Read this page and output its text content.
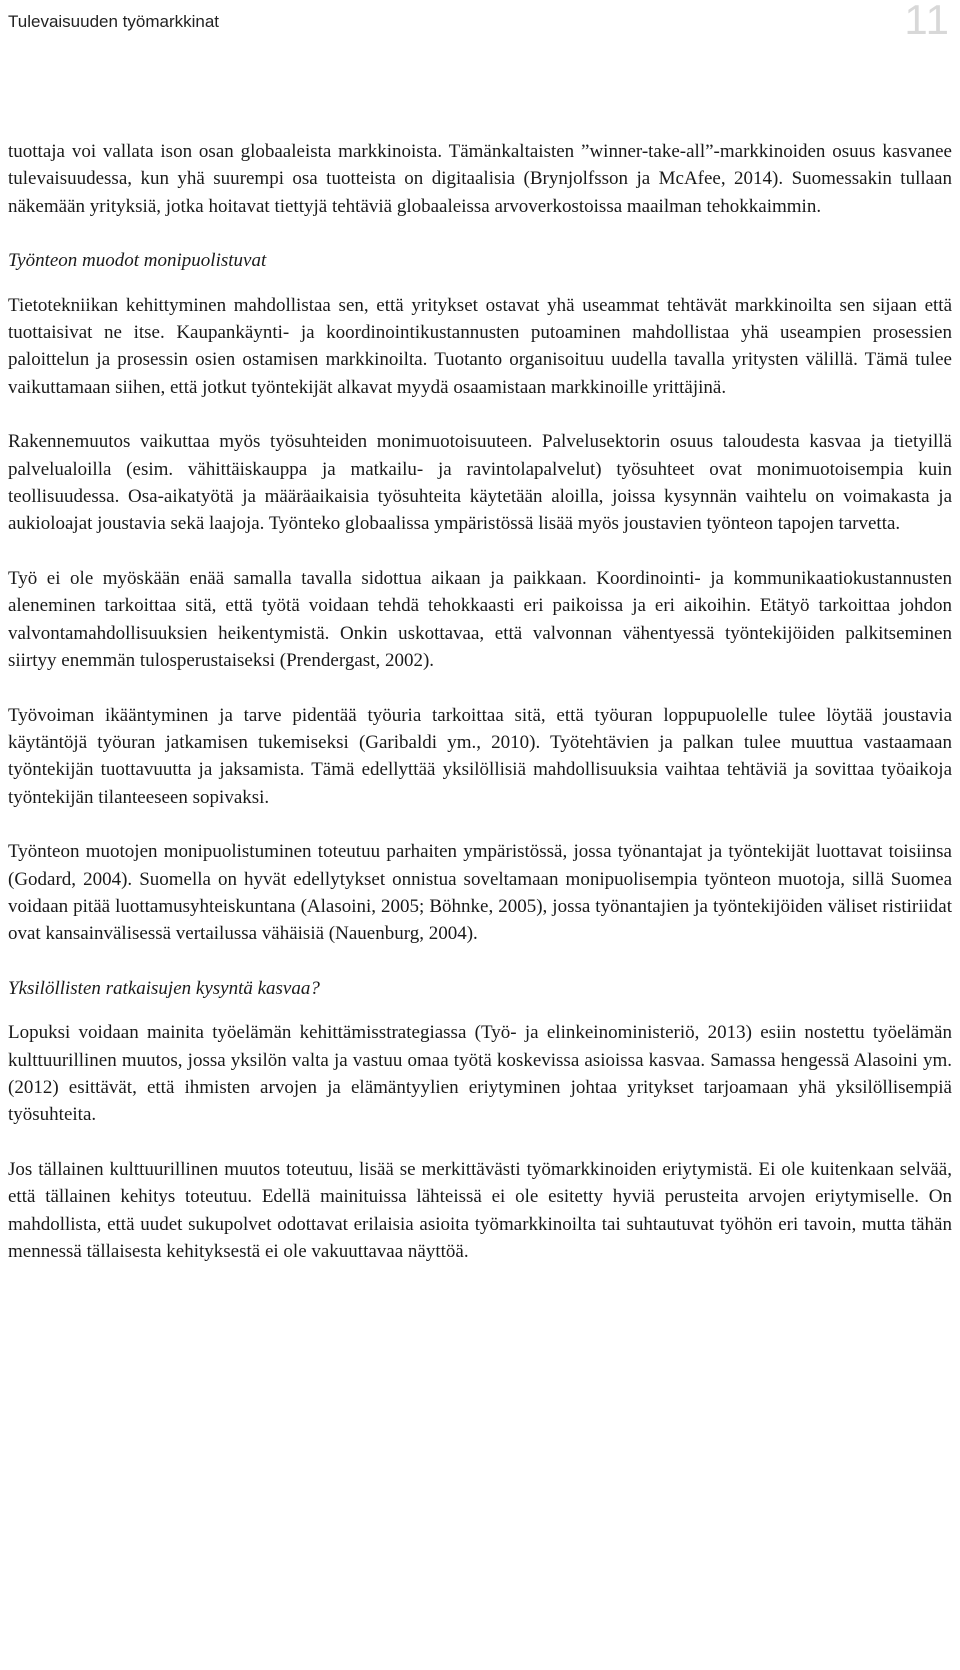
Tulevaisuuden työmarkkinat	11

tuottaja voi vallata ison osan globaaleista markkinoista. Tämänkaltaisten ”winner-take-all”-markkinoiden osuus kasvanee tulevaisuudessa, kun yhä suurempi osa tuotteista on digitaalisia (Brynjolfsson ja McAfee, 2014). Suomessakin tullaan näkemään yrityksiä, jotka hoitavat tiettyjä tehtäviä globaaleissa arvoverkostoissa maailman tehokkaimmin.

Työnteon muodot monipuolistuvat

Tietotekniikan kehittyminen mahdollistaa sen, että yritykset ostavat yhä useammat tehtävät markkinoilta sen sijaan että tuottaisivat ne itse. Kaupankäynti- ja koordinointikustannusten putoaminen mahdollistaa yhä useampien prosessien paloittelun ja prosessin osien ostamisen markkinoilta. Tuotanto organisoituu uudella tavalla yritysten välillä. Tämä tulee vaikuttamaan siihen, että jotkut työntekijät alkavat myydä osaamistaan markkinoille yrittäjinä.

Rakennemuutos vaikuttaa myös työsuhteiden monimuotoisuuteen. Palvelusektorin osuus taloudesta kasvaa ja tietyillä palvelualoilla (esim. vähittäiskauppa ja matkailu- ja ravintolapalvelut) työsuhteet ovat monimuotoisempia kuin teollisuudessa. Osa-aikatyötä ja määräaikaisia työsuhteita käytetään aloilla, joissa kysynnän vaihtelu on voimakasta ja aukioloajat joustavia sekä laajoja. Työnteko globaalissa ympäristössä lisää myös joustavien työnteon tapojen tarvetta.

Työ ei ole myöskään enää samalla tavalla sidottua aikaan ja paikkaan. Koordinointi- ja kommunikaatiokustannusten aleneminen tarkoittaa sitä, että työtä voidaan tehdä tehokkaasti eri paikoissa ja eri aikoihin. Etätyö tarkoittaa johdon valvontamahdollisuuksien heikentymistä. Onkin uskottavaa, että valvonnan vähentyessä työntekijöiden palkitseminen siirtyy enemmän tulosperustaiseksi (Prendergast, 2002).

Työvoiman ikääntyminen ja tarve pidentää työuria tarkoittaa sitä, että työuran loppupuolelle tulee löytää joustavia käytäntöjä työuran jatkamisen tukemiseksi (Garibaldi ym., 2010). Työtehtävien ja palkan tulee muuttua vastaamaan työntekijän tuottavuutta ja jaksamista. Tämä edellyttää yksilöllisiä mahdollisuuksia vaihtaa tehtäviä ja sovittaa työaikoja työntekijän tilanteeseen sopivaksi.

Työnteon muotojen monipuolistuminen toteutuu parhaiten ympäristössä, jossa työnantajat ja työntekijät luottavat toisiinsa (Godard, 2004). Suomella on hyvät edellytykset onnistua soveltamaan monipuolisempia työnteon muotoja, sillä Suomea voidaan pitää luottamusyhteiskuntana (Alasoini, 2005; Böhnke, 2005), jossa työnantajien ja työntekijöiden väliset ristiriidat ovat kansainvälisessä vertailussa vähäisiä (Nauenburg, 2004).

Yksilöllisten ratkaisujen kysyntä kasvaa?

Lopuksi voidaan mainita työelämän kehittämisstrategiassa (Työ- ja elinkeinoministeriö, 2013) esiin nostettu työelämän kulttuurillinen muutos, jossa yksilön valta ja vastuu omaa työtä koskevissa asioissa kasvaa. Samassa hengessä Alasoini ym. (2012) esittävät, että ihmisten arvojen ja elämäntyylien eriytyminen johtaa yritykset tarjoamaan yhä yksilöllisempiä työsuhteita.

Jos tällainen kulttuurillinen muutos toteutuu, lisää se merkittävästi työmarkkinoiden eriytymistä. Ei ole kuitenkaan selvää, että tällainen kehitys toteutuu. Edellä mainituissa lähteissä ei ole esitetty hyviä perusteita arvojen eriytymiselle. On mahdollista, että uudet sukupolvet odottavat erilaisia asioita työmarkkinoilta tai suhtautuvat työhön eri tavoin, mutta tähän mennessä tällaisesta kehityksestä ei ole vakuuttavaa näyttöä.
